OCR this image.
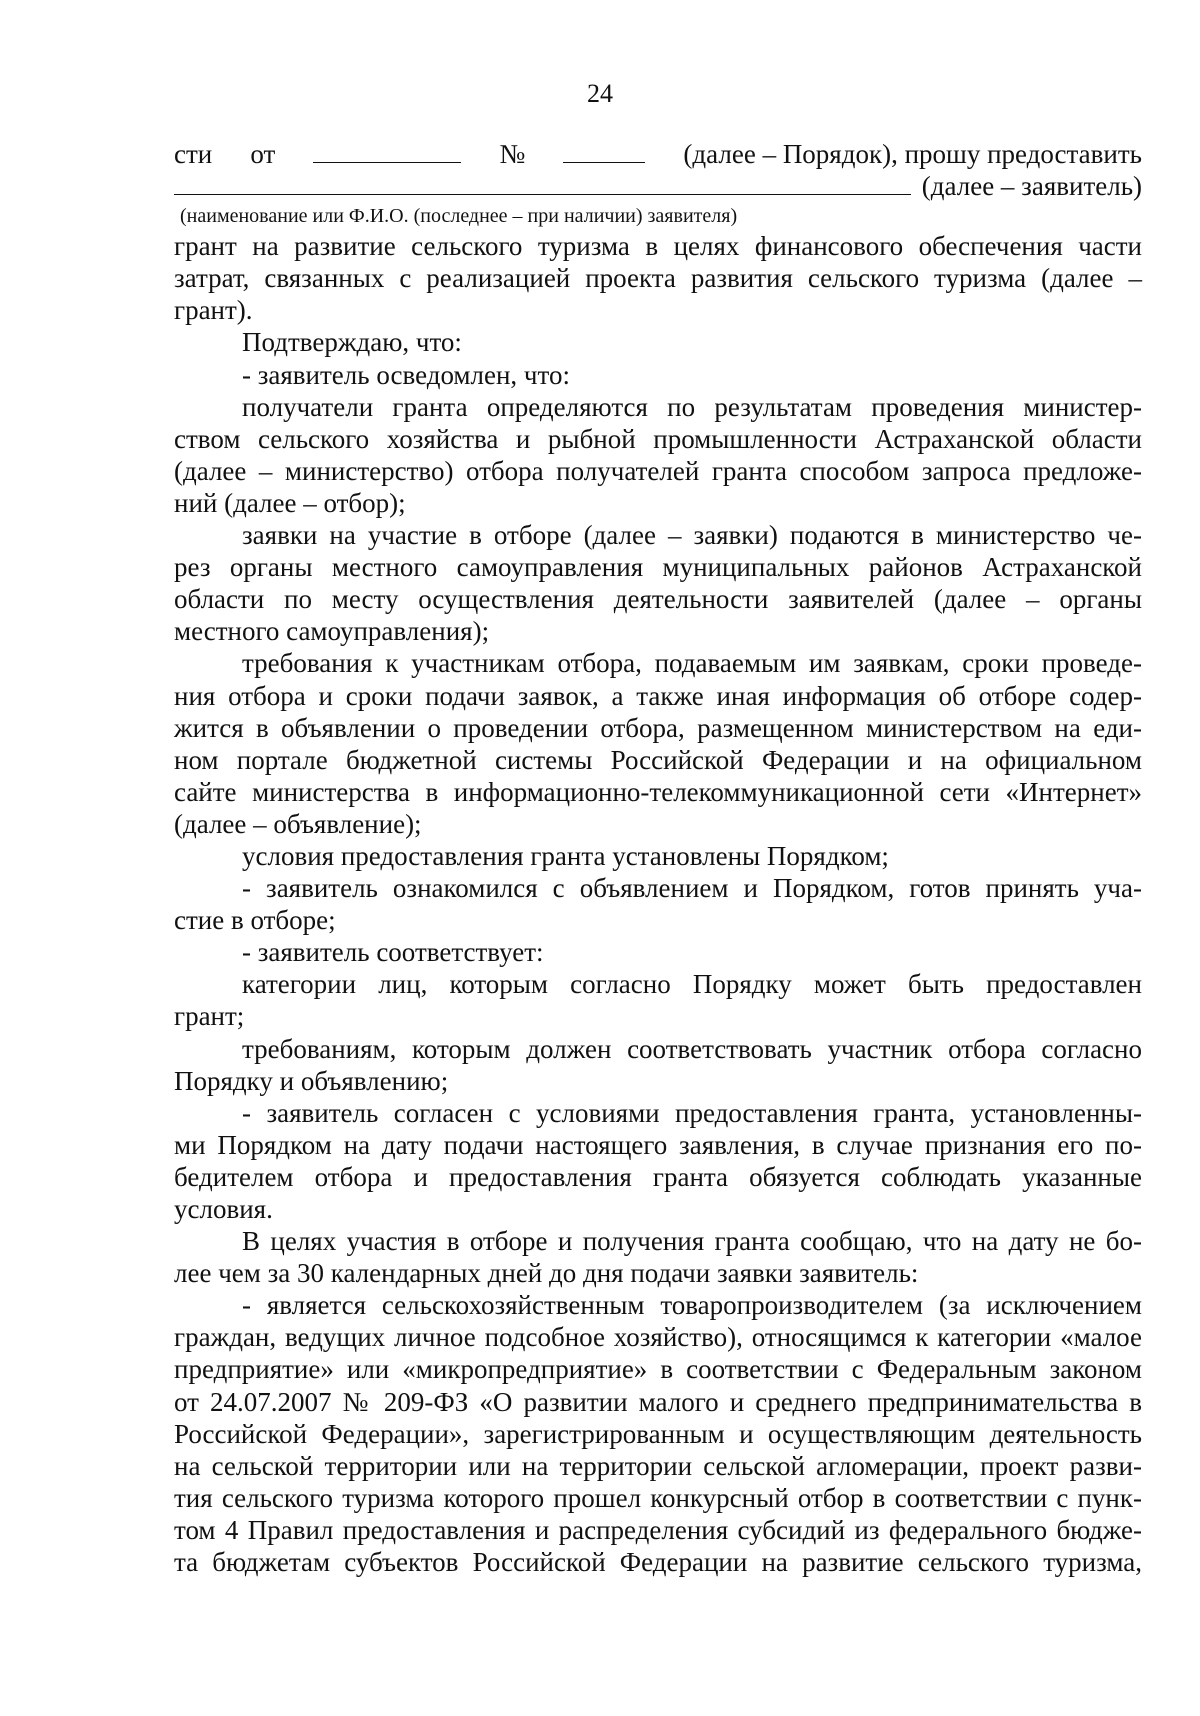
24
сти от	№	(далее – Порядок), прошу предоставить
(далее – заявитель)
(наименование или Ф.И.О. (последнее – при наличии) заявителя)
грант на развитие сельского туризма в целях финансового обеспечения части
затрат, связанных с реализацией проекта развития сельского туризма (далее –
грант).
Подтверждаю, что:
- заявитель осведомлен, что:
получатели гранта определяются по результатам проведения министер-
ством сельского хозяйства и рыбной промышленности Астраханской области
(далее – министерство) отбора получателей гранта способом запроса предложе-
ний (далее – отбор);
заявки на участие в отборе (далее – заявки) подаются в министерство че-
рез органы местного самоуправления муниципальных районов Астраханской
области по месту осуществления деятельности заявителей (далее – органы
местного самоуправления);
требования к участникам отбора, подаваемым им заявкам, сроки проведе-
ния отбора и сроки подачи заявок, а также иная информация об отборе содер-
жится в объявлении о проведении отбора, размещенном министерством на еди-
ном портале бюджетной системы Российской Федерации и на официальном
сайте министерства в информационно-телекоммуникационной сети «Интернет»
(далее – объявление);
условия предоставления гранта установлены Порядком;
- заявитель ознакомился с объявлением и Порядком, готов принять уча-
стие в отборе;
- заявитель соответствует:
категории лиц, которым согласно Порядку может быть предоставлен
грант;
требованиям, которым должен соответствовать участник отбора согласно
Порядку и объявлению;
- заявитель согласен с условиями предоставления гранта, установленны-
ми Порядком на дату подачи настоящего заявления, в случае признания его по-
бедителем отбора и предоставления гранта обязуется соблюдать указанные
условия.
В целях участия в отборе и получения гранта сообщаю, что на дату не бо-
лее чем за 30 календарных дней до дня подачи заявки заявитель:
- является сельскохозяйственным товаропроизводителем (за исключением
граждан, ведущих личное подсобное хозяйство), относящимся к категории «малое
предприятие» или «микропредприятие» в соответствии с Федеральным законом
от 24.07.2007 № 209-ФЗ «О развитии малого и среднего предпринимательства в
Российской Федерации», зарегистрированным и осуществляющим деятельность
на сельской территории или на территории сельской агломерации, проект разви-
тия сельского туризма которого прошел конкурсный отбор в соответствии с пунк-
том 4 Правил предоставления и распределения субсидий из федерального бюдже-
та бюджетам субъектов Российской Федерации на развитие сельского туризма,
